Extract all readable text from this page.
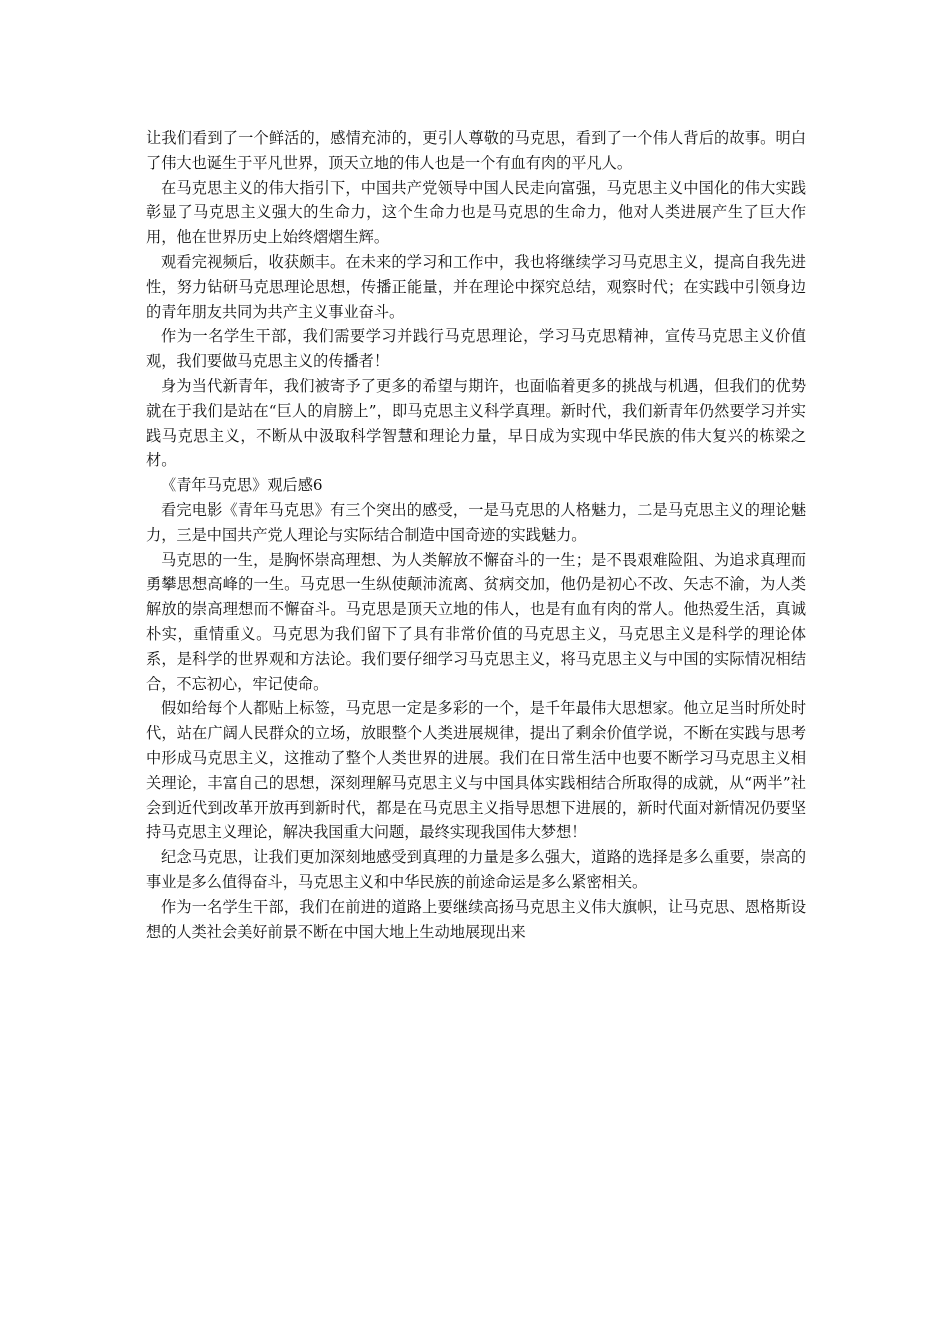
让我们看到了一个鲜活的，感情充沛的，更引人尊敬的马克思，看到了一个伟人背后的故事。明白了伟大也诞生于平凡世界，顶天立地的伟人也是一个有血有肉的平凡人。

在马克思主义的伟大指引下，中国共产党领导中国人民走向富强，马克思主义中国化的伟大实践彰显了马克思主义强大的生命力，这个生命力也是马克思的生命力，他对人类进展产生了巨大作用，他在世界历史上始终熠熠生辉。

观看完视频后，收获颇丰。在未来的学习和工作中，我也将继续学习马克思主义，提高自我先进性，努力钻研马克思理论思想，传播正能量，并在理论中探究总结，观察时代；在实践中引领身边的青年朋友共同为共产主义事业奋斗。

作为一名学生干部，我们需要学习并践行马克思理论，学习马克思精神，宣传马克思主义价值观，我们要做马克思主义的传播者！

身为当代新青年，我们被寄予了更多的希望与期许，也面临着更多的挑战与机遇，但我们的优势就在于我们是站在“巨人的肩膀上”，即马克思主义科学真理。新时代，我们新青年仍然要学习并实践马克思主义，不断从中汲取科学智慧和理论力量，早日成为实现中华民族的伟大复兴的栋梁之材。

《青年马克思》观后感6

看完电影《青年马克思》有三个突出的感受，一是马克思的人格魅力，二是马克思主义的理论魅力，三是中国共产党人理论与实际结合制造中国奇迹的实践魅力。

马克思的一生，是胸怀崇高理想、为人类解放不懈奋斗的一生；是不畏艰难险阻、为追求真理而勇攀思想高峰的一生。马克思一生纵使颠沛流离、贫病交加，他仍是初心不改、矢志不渝，为人类解放的崇高理想而不懈奋斗。马克思是顶天立地的伟人，也是有血有肉的常人。他热爱生活，真诚朴实，重情重义。马克思为我们留下了具有非常价值的马克思主义，马克思主义是科学的理论体系，是科学的世界观和方法论。我们要仔细学习马克思主义，将马克思主义与中国的实际情况相结合，不忘初心，牢记使命。

假如给每个人都贴上标签，马克思一定是多彩的一个，是千年最伟大思想家。他立足当时所处时代，站在广阔人民群众的立场，放眼整个人类进展规律，提出了剩余价值学说，不断在实践与思考中形成马克思主义，这推动了整个人类世界的进展。我们在日常生活中也要不断学习马克思主义相关理论，丰富自己的思想，深刻理解马克思主义与中国具体实践相结合所取得的成就，从“两半”社会到近代到改革开放再到新时代，都是在马克思主义指导思想下进展的，新时代面对新情况仍要坚持马克思主义理论，解决我国重大问题，最终实现我国伟大梦想！

纪念马克思，让我们更加深刻地感受到真理的力量是多么强大，道路的选择是多么重要，崇高的事业是多么值得奋斗，马克思主义和中华民族的前途命运是多么紧密相关。

作为一名学生干部，我们在前进的道路上要继续高扬马克思主义伟大旗帜，让马克思、恩格斯设想的人类社会美好前景不断在中国大地上生动地展现出来
